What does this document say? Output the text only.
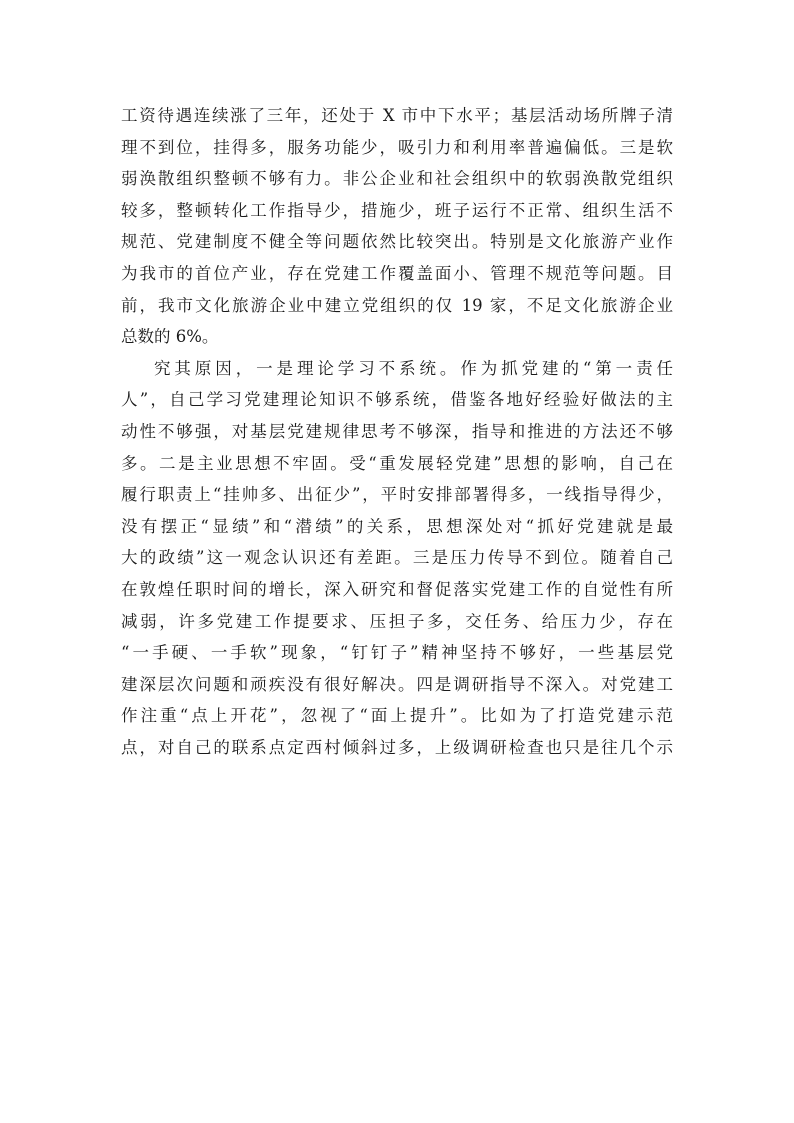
工资待遇连续涨了三年，还处于 X 市中下水平；基层活动场所牌子清
理不到位，挂得多，服务功能少，吸引力和利用率普遍偏低。三是软
弱涣散组织整顿不够有力。非公企业和社会组织中的软弱涣散党组织
较多，整顿转化工作指导少，措施少，班子运行不正常、组织生活不
规范、党建制度不健全等问题依然比较突出。特别是文化旅游产业作
为我市的首位产业，存在党建工作覆盖面小、管理不规范等问题。目
前，我市文化旅游企业中建立党组织的仅 19 家，不足文化旅游企业
总数的 6%。
究其原因，一是理论学习不系统。作为抓党建的“第一责任
人”，自己学习党建理论知识不够系统，借鉴各地好经验好做法的主
动性不够强，对基层党建规律思考不够深，指导和推进的方法还不够
多。二是主业思想不牢固。受“重发展轻党建”思想的影响，自己在
履行职责上“挂帅多、出征少”，平时安排部署得多，一线指导得少，
没有摆正“显绩”和“潜绩”的关系，思想深处对“抓好党建就是最
大的政绩”这一观念认识还有差距。三是压力传导不到位。随着自己
在敦煌任职时间的增长，深入研究和督促落实党建工作的自觉性有所
减弱，许多党建工作提要求、压担子多，交任务、给压力少，存在
“一手硬、一手软”现象，“钉钉子”精神坚持不够好，一些基层党
建深层次问题和顽疾没有很好解决。四是调研指导不深入。对党建工
作注重“点上开花”，忽视了“面上提升”。比如为了打造党建示范
点，对自己的联系点定西村倾斜过多，上级调研检查也只是往几个示
